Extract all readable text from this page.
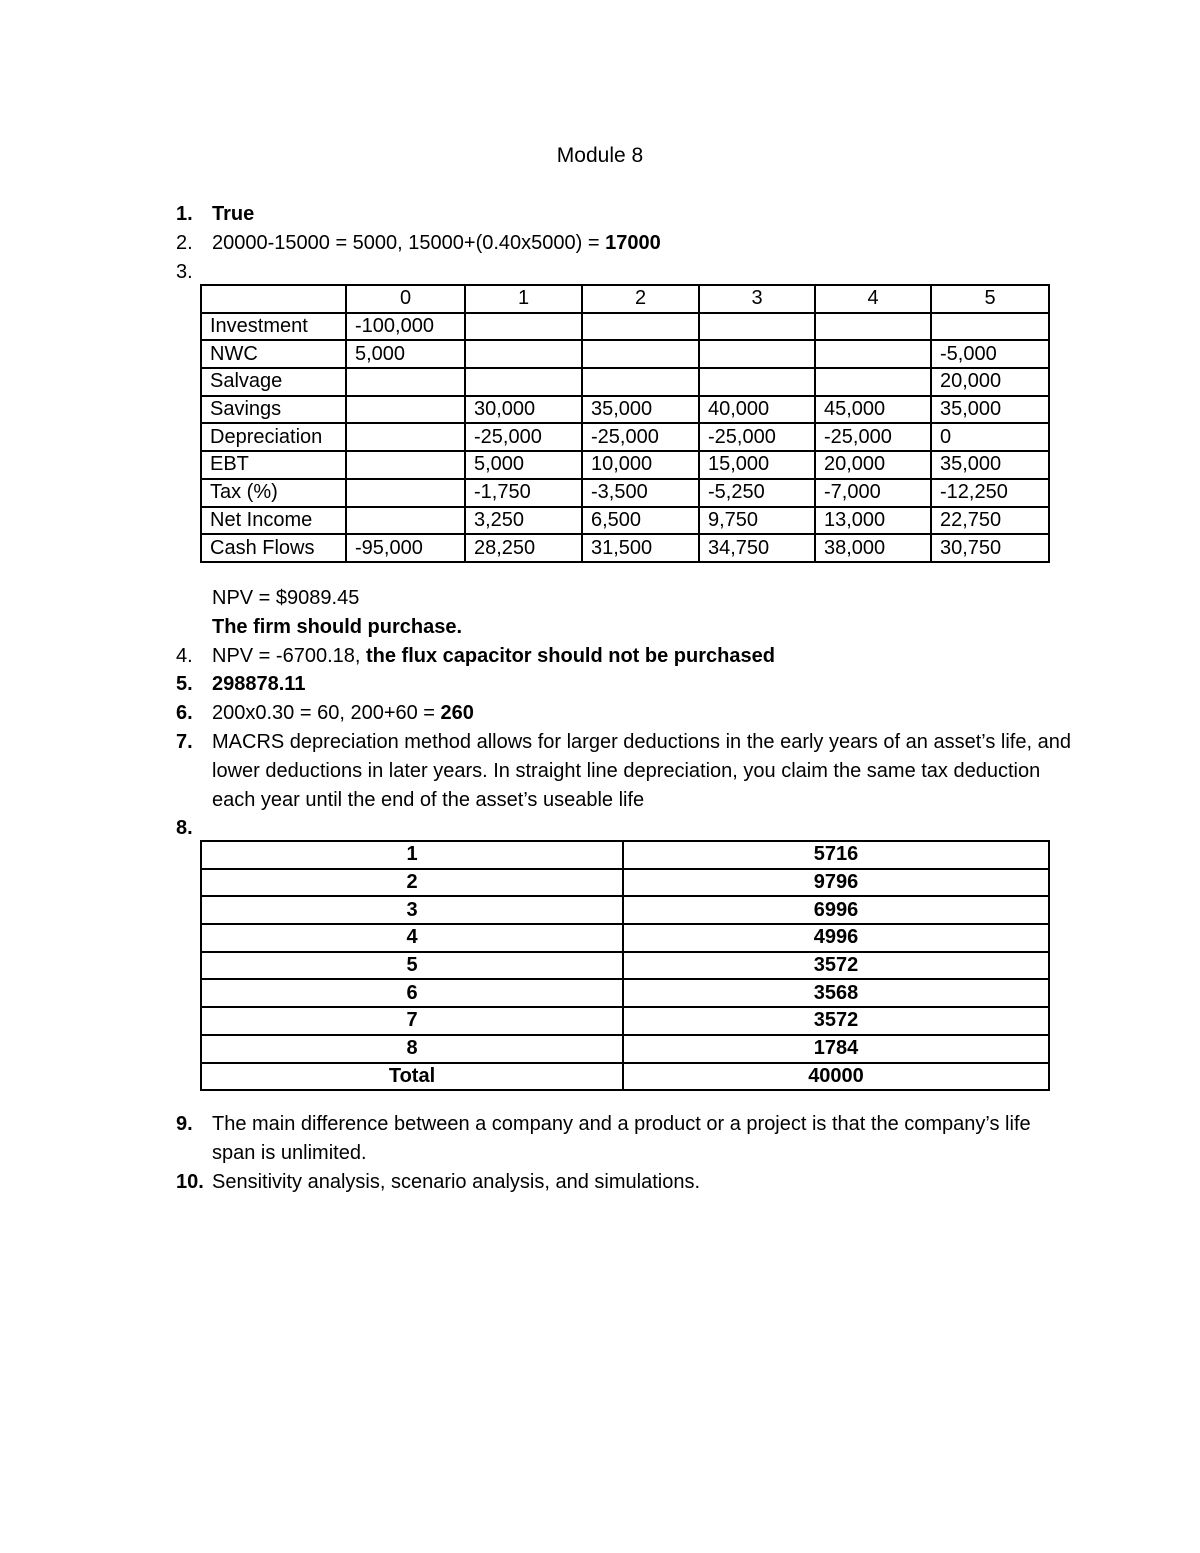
Module 8
1. True
2. 20000-15000 = 5000, 15000+(0.40x5000) = 17000
3.
	0	1	2	3	4	5
Investment	-100,000					
NWC	5,000					-5,000
Salvage						20,000
Savings		30,000	35,000	40,000	45,000	35,000
Depreciation		-25,000	-25,000	-25,000	-25,000	0
EBT		5,000	10,000	15,000	20,000	35,000
Tax (%)		-1,750	-3,500	-5,250	-7,000	-12,250
Net Income		3,250	6,500	9,750	13,000	22,750
Cash Flows	-95,000	28,250	31,500	34,750	38,000	30,750
NPV = $9089.45
The firm should purchase.
4. NPV = -6700.18, the flux capacitor should not be purchased
5. 298878.11
6. 200x0.30 = 60, 200+60 = 260
7. MACRS depreciation method allows for larger deductions in the early years of an asset’s life, and lower deductions in later years. In straight line depreciation, you claim the same tax deduction each year until the end of the asset’s useable life
8.
1	5716
2	9796
3	6996
4	4996
5	3572
6	3568
7	3572
8	1784
Total	40000
9. The main difference between a company and a product or a project is that the company’s life span is unlimited.
10. Sensitivity analysis, scenario analysis, and simulations.
